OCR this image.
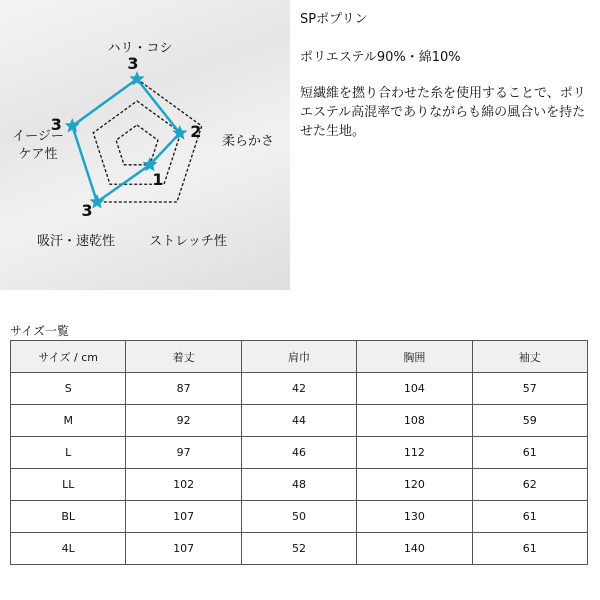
3
2
1
3
3
ハリ・コシ
柔らかさ
ストレッチ性
吸汗・速乾性
イージーケア性

SPポプリン

ポリエステル90%・綿10%

短繊維を撚り合わせた糸を使用することで、ポリエステル高混率でありながらも綿の風合いを持たせた生地。

サイズ一覧
サイズ / cm	着丈	肩巾	胸囲	袖丈
S	87	42	104	57
M	92	44	108	59
L	97	46	112	61
LL	102	48	120	62
BL	107	50	130	61
4L	107	52	140	61
